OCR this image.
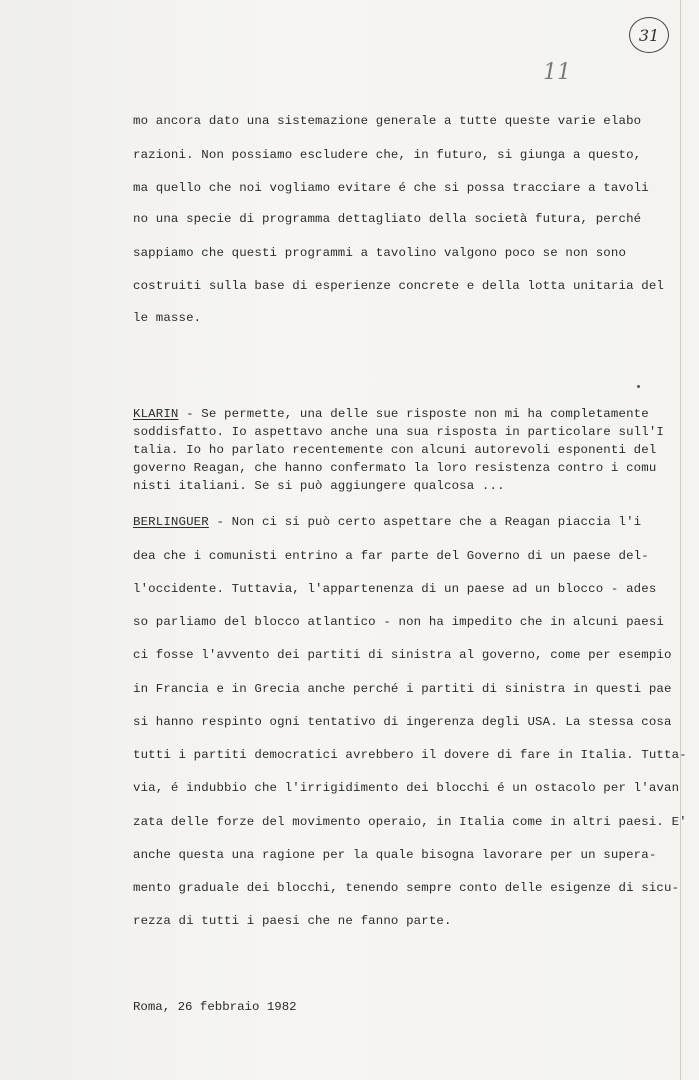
31
11
mo ancora dato una sistemazione generale a tutte queste varie elabo
razioni. Non possiamo escludere che, in futuro, si giunga a questo,
ma quello che noi vogliamo evitare é che si possa tracciare a tavoli
no una specie di programma dettagliato della società futura, perché
sappiamo che questi programmi a tavolino valgono poco se non sono
costruiti sulla base di esperienze concrete e della lotta unitaria del
le masse.
KLARIN - Se permette, una delle sue risposte non mi ha completamente
soddisfatto. Io aspettavo anche una sua risposta in particolare sull'I
talia. Io ho parlato recentemente con alcuni autorevoli esponenti del
governo Reagan, che hanno confermato la loro resistenza contro i comu
nisti italiani. Se si può aggiungere qualcosa ...
BERLINGUER - Non ci si può certo aspettare che a Reagan piaccia l'i
dea che i comunisti entrino a far parte del Governo di un paese del-
l'occidente. Tuttavia, l'appartenenza di un paese ad un blocco - ades
so parliamo del blocco atlantico - non ha impedito che in alcuni paesi
ci fosse l'avvento dei partiti di sinistra al governo, come per esempio
in Francia e in Grecia anche perché i partiti di sinistra in questi pae
si hanno respinto ogni tentativo di ingerenza degli USA. La stessa cosa
tutti i partiti democratici avrebbero il dovere di fare in Italia. Tutta-
via, é indubbio che l'irrigidimento dei blocchi é un ostacolo per l'avan
zata delle forze del movimento operaio, in Italia come in altri paesi. E'
anche questa una ragione per la quale bisogna lavorare per un supera-
mento graduale dei blocchi, tenendo sempre conto delle esigenze di sicu-
rezza di tutti i paesi che ne fanno parte.
Roma, 26 febbraio 1982
